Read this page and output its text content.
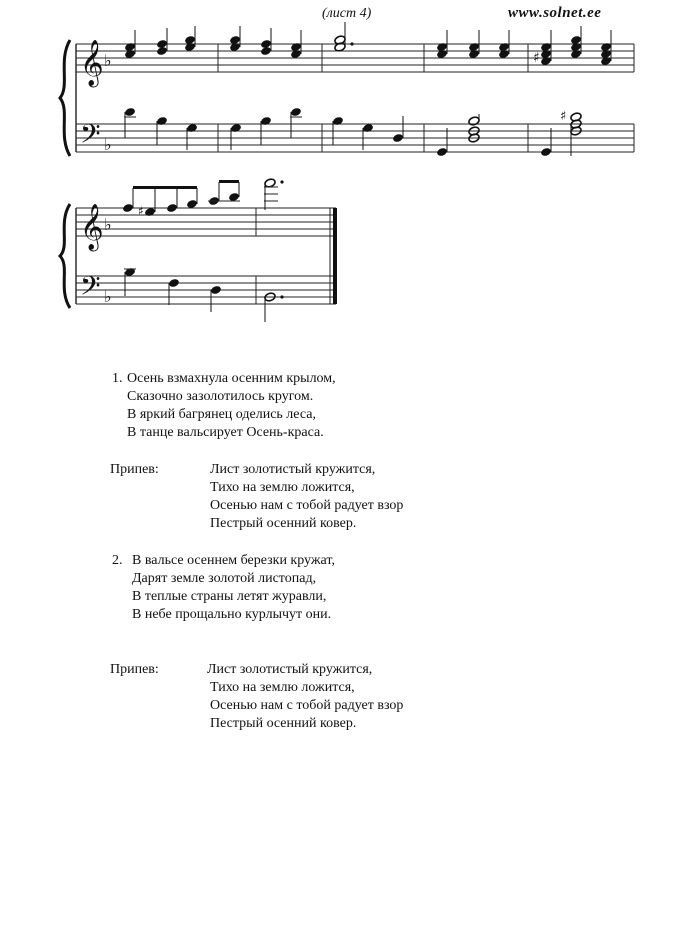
(лист 4)	www.solnet.ee
𝄞
𝄢
♭
♭
♯
♯
𝄞
𝄢
♭
♭
♯
1. Осень взмахнула осенним крылом,
Сказочно зазолотилось кругом.
В яркий багрянец оделись леса,
В танце вальсирует Осень-краса.
Припев:	Лист золотистый кружится,
Тихо на землю ложится,
Осенью нам с тобой радует взор
Пестрый осенний ковер.
2. В вальсе осеннем березки кружат,
Дарят земле золотой листопад,
В теплые страны летят журавли,
В небе прощально курлычут они.
Припев:	Лист золотистый кружится,
Тихо на землю ложится,
Осенью нам с тобой радует взор
Пестрый осенний ковер.
